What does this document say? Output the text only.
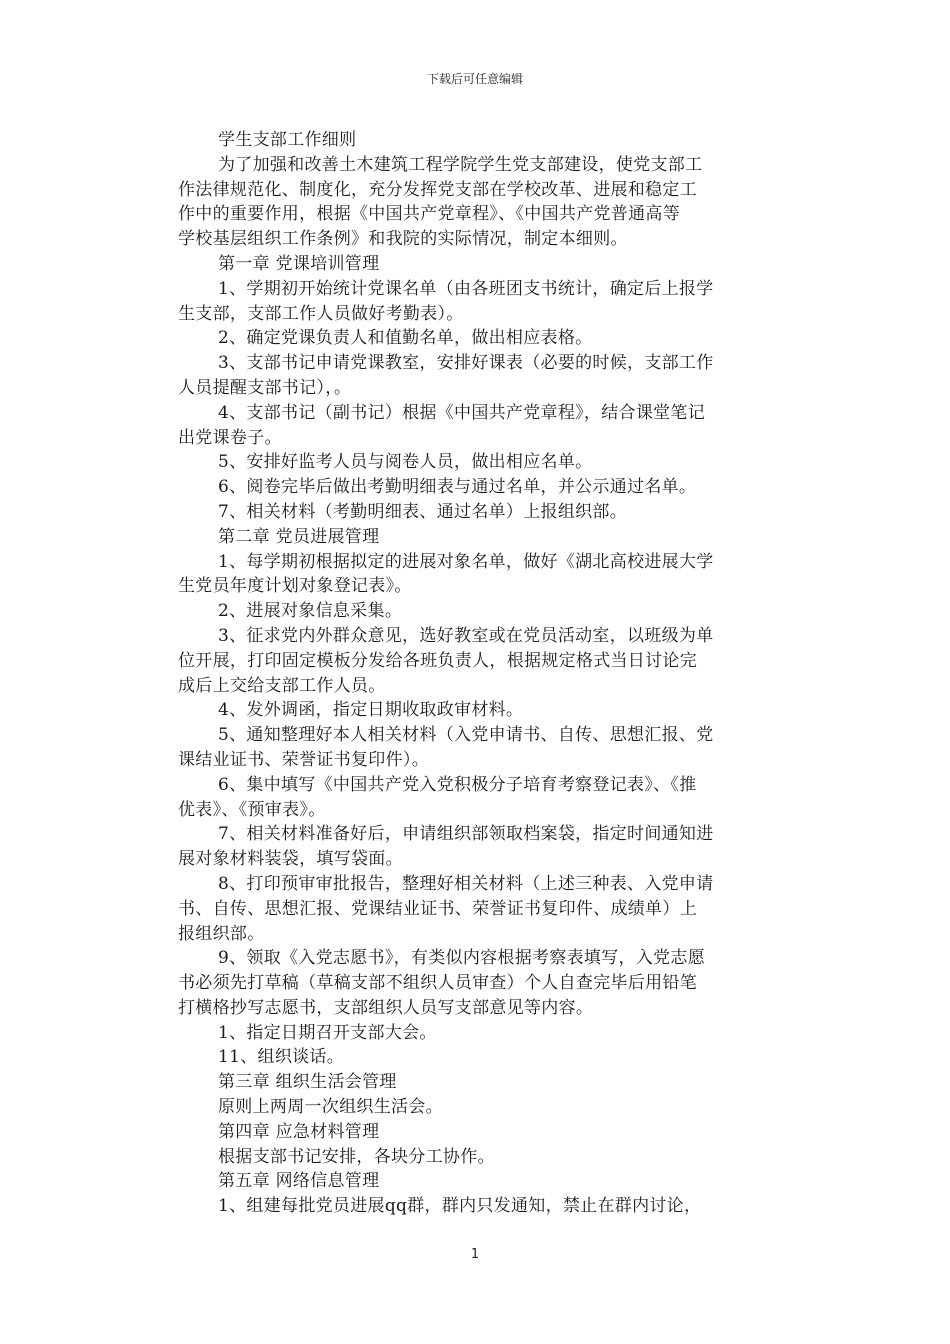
下载后可任意编辑
学生支部工作细则
为了加强和改善土木建筑工程学院学生党支部建设，使党支部工
作法律规范化、制度化，充分发挥党支部在学校改革、进展和稳定工
作中的重要作用，根据《中国共产党章程》、《中国共产党普通高等
学校基层组织工作条例》和我院的实际情况，制定本细则。
第一章 党课培训管理
1、学期初开始统计党课名单（由各班团支书统计，确定后上报学
生支部，支部工作人员做好考勤表）。
2、确定党课负责人和值勤名单，做出相应表格。
3、支部书记申请党课教室，安排好课表（必要的时候，支部工作
人员提醒支部书记），。
4、支部书记（副书记）根据《中国共产党章程》，结合课堂笔记
出党课卷子。
5、安排好监考人员与阅卷人员，做出相应名单。
6、阅卷完毕后做出考勤明细表与通过名单，并公示通过名单。
7、相关材料（考勤明细表、通过名单）上报组织部。
第二章 党员进展管理
1、每学期初根据拟定的进展对象名单，做好《湖北高校进展大学
生党员年度计划对象登记表》。
2、进展对象信息采集。
3、征求党内外群众意见，选好教室或在党员活动室，以班级为单
位开展，打印固定模板分发给各班负责人，根据规定格式当日讨论完
成后上交给支部工作人员。
4、发外调函，指定日期收取政审材料。
5、通知整理好本人相关材料（入党申请书、自传、思想汇报、党
课结业证书、荣誉证书复印件）。
6、集中填写《中国共产党入党积极分子培育考察登记表》、《推
优表》、《预审表》。
7、相关材料准备好后，申请组织部领取档案袋，指定时间通知进
展对象材料装袋，填写袋面。
8、打印预审审批报告，整理好相关材料（上述三种表、入党申请
书、自传、思想汇报、党课结业证书、荣誉证书复印件、成绩单）上
报组织部。
9、领取《入党志愿书》，有类似内容根据考察表填写，入党志愿
书必须先打草稿（草稿支部不组织人员审查）个人自查完毕后用铅笔
打横格抄写志愿书，支部组织人员写支部意见等内容。
1、指定日期召开支部大会。
11、组织谈话。
第三章 组织生活会管理
原则上两周一次组织生活会。
第四章 应急材料管理
根据支部书记安排，各块分工协作。
第五章 网络信息管理
1、组建每批党员进展qq群，群内只发通知，禁止在群内讨论，
1
